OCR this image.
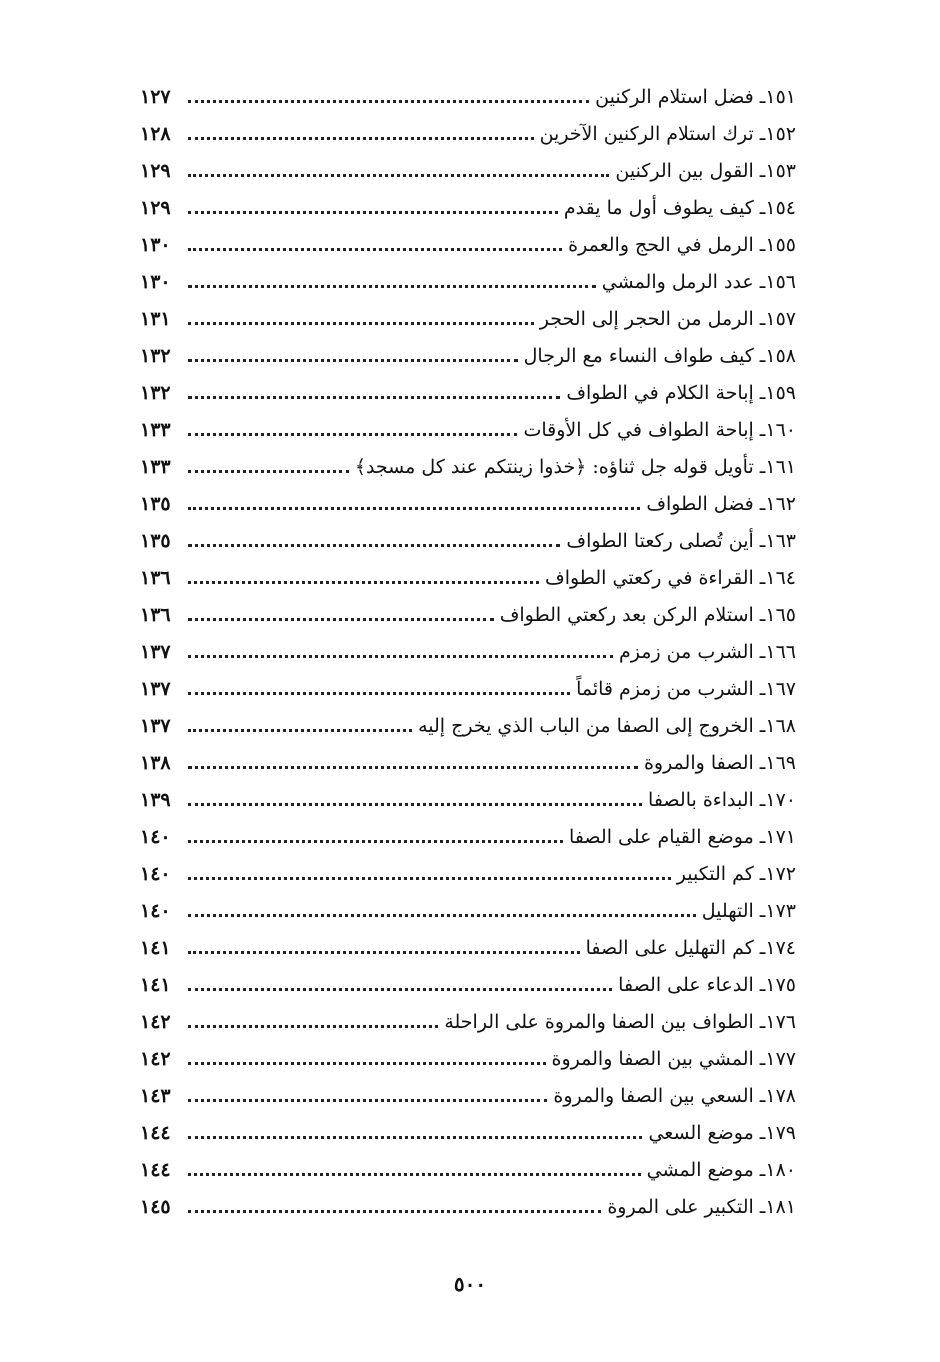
١٥١ـ فضل استلام الركنين
١٢٧
١٥٢ـ ترك استلام الركنين الآخرين
١٢٨
١٥٣ـ القول بين الركنين
١٢٩
١٥٤ـ كيف يطوف أول ما يقدم
١٢٩
١٥٥ـ الرمل في الحج والعمرة
١٣٠
١٥٦ـ عدد الرمل والمشي
١٣٠
١٥٧ـ الرمل من الحجر إلى الحجر
١٣١
١٥٨ـ كيف طواف النساء مع الرجال
١٣٢
١٥٩ـ إباحة الكلام في الطواف
١٣٢
١٦٠ـ إباحة الطواف في كل الأوقات
١٣٣
١٦١ـ تأويل قوله جل ثناؤه: ﴿خذوا زينتكم عند كل مسجد﴾
١٣٣
١٦٢ـ فضل الطواف
١٣٥
١٦٣ـ أين تُصلى ركعتا الطواف
١٣٥
١٦٤ـ القراءة في ركعتي الطواف
١٣٦
١٦٥ـ استلام الركن بعد ركعتي الطواف
١٣٦
١٦٦ـ الشرب من زمزم
١٣٧
١٦٧ـ الشرب من زمزم قائماً
١٣٧
١٦٨ـ الخروج إلى الصفا من الباب الذي يخرج إليه
١٣٧
١٦٩ـ الصفا والمروة
١٣٨
١٧٠ـ البداءة بالصفا
١٣٩
١٧١ـ موضع القيام على الصفا
١٤٠
١٧٢ـ كم التكبير
١٤٠
١٧٣ـ التهليل
١٤٠
١٧٤ـ كم التهليل على الصفا
١٤١
١٧٥ـ الدعاء على الصفا
١٤١
١٧٦ـ الطواف بين الصفا والمروة على الراحلة
١٤٢
١٧٧ـ المشي بين الصفا والمروة
١٤٢
١٧٨ـ السعي بين الصفا والمروة
١٤٣
١٧٩ـ موضع السعي
١٤٤
١٨٠ـ موضع المشي
١٤٤
١٨١ـ التكبير على المروة
١٤٥
٥٠٠
